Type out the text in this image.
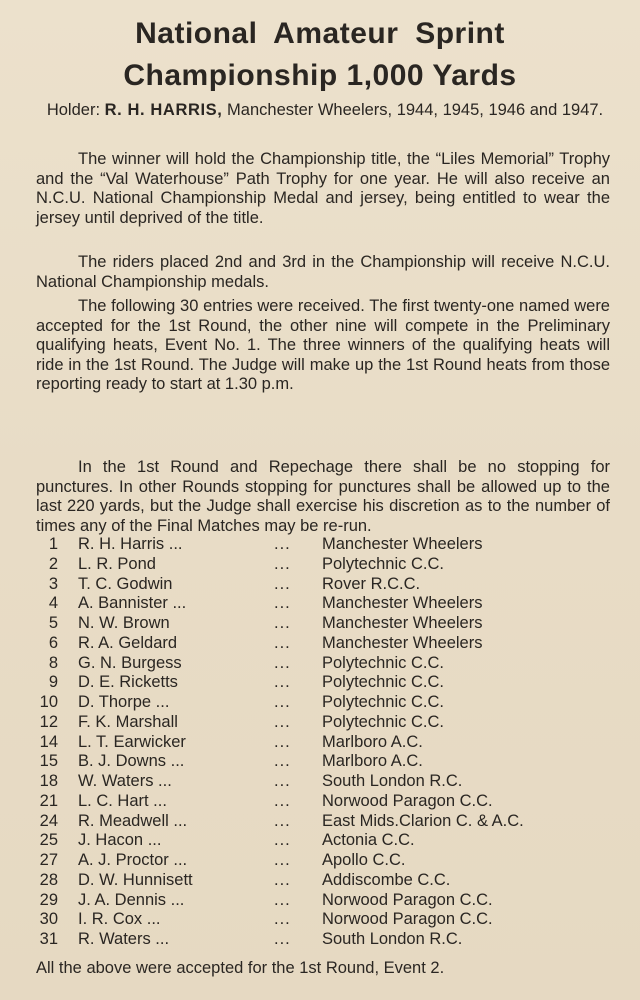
National Amateur Sprint
Championship 1,000 Yards
Holder: R. H. HARRIS, Manchester Wheelers, 1944, 1945, 1946 and 1947.

The winner will hold the Championship title, the “Liles Memorial” Trophy and the “Val Waterhouse” Path Trophy for one year. He will also receive an N.C.U. National Championship Medal and jersey, being entitled to wear the jersey until deprived of the title.

The riders placed 2nd and 3rd in the Championship will receive N.C.U. National Championship medals.

The following 30 entries were received. The first twenty-one named were accepted for the 1st Round, the other nine will compete in the Preliminary qualifying heats, Event No. 1. The three winners of the qualifying heats will ride in the 1st Round. The Judge will make up the 1st Round heats from those reporting ready to start at 1.30 p.m.

In the 1st Round and Repechage there shall be no stopping for punctures. In other Rounds stopping for punctures shall be allowed up to the last 220 yards, but the Judge shall exercise his discretion as to the number of times any of the Final Matches may be re-run.

1 R. H. Harris ...	... Manchester Wheelers
2 L. R. Pond	... Polytechnic C.C.
3 T. C. Godwin	... Rover R.C.C.
4 A. Bannister ...	... Manchester Wheelers
5 N. W. Brown	... Manchester Wheelers
6 R. A. Geldard	... Manchester Wheelers
8 G. N. Burgess	... Polytechnic C.C.
9 D. E. Ricketts	... Polytechnic C.C.
10 D. Thorpe ...	... Polytechnic C.C.
12 F. K. Marshall	... Polytechnic C.C.
14 L. T. Earwicker	... Marlboro A.C.
15 B. J. Downs ...	... Marlboro A.C.
18 W. Waters ...	... South London R.C.
21 L. C. Hart ...	... Norwood Paragon C.C.
24 R. Meadwell ...	... East Mids.Clarion C. & A.C.
25 J. Hacon ...	... Actonia C.C.
27 A. J. Proctor ...	... Apollo C.C.
28 D. W. Hunnisett	... Addiscombe C.C.
29 J. A. Dennis ...	... Norwood Paragon C.C.
30 I. R. Cox ...	... Norwood Paragon C.C.
31 R. Waters ...	... South London R.C.
All the above were accepted for the 1st Round, Event 2.
